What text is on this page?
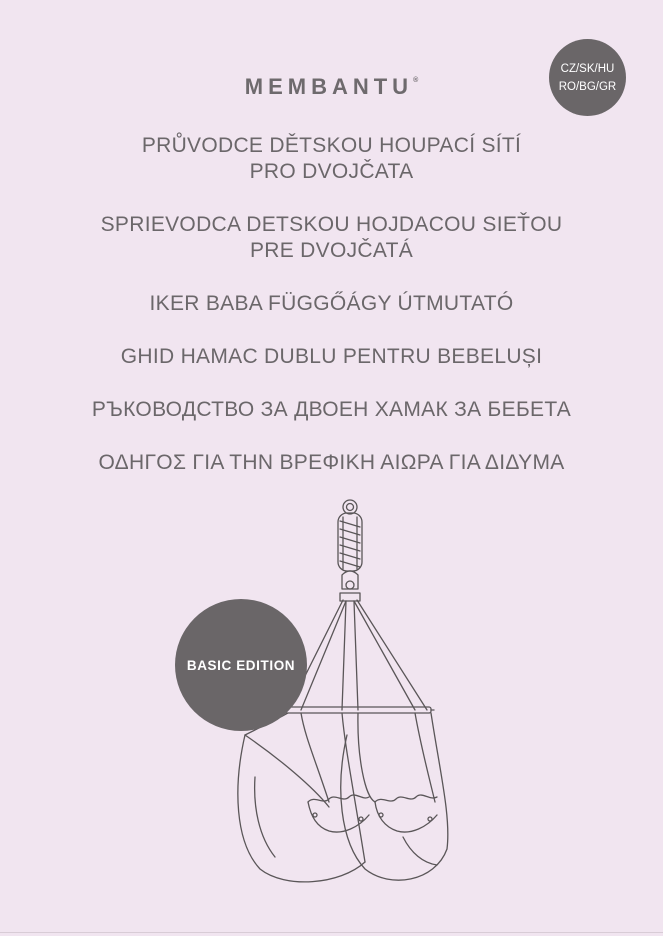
MEMBANTU®
CZ/SK/HU
RO/BG/GR
PRŮVODCE DĚTSKOU HOUPACÍ SÍTÍ
PRO DVOJČATA
SPRIEVODCA DETSKOU HOJDACOU SIEŤOU
PRE DVOJČATÁ
IKER BABA FÜGGŐÁGY ÚTMUTATÓ
GHID HAMAC DUBLU PENTRU BEBELUȘI
РЪКОВОДСТВО ЗА ДВОЕН ХАМАК ЗА БЕБЕТА
ΟΔΗΓΟΣ ΓΙΑ ΤΗΝ ΒΡΕΦΙΚΗ ΑΙΩΡΑ ΓΙΑ ΔΙΔΥΜΑ
BASIC EDITION
